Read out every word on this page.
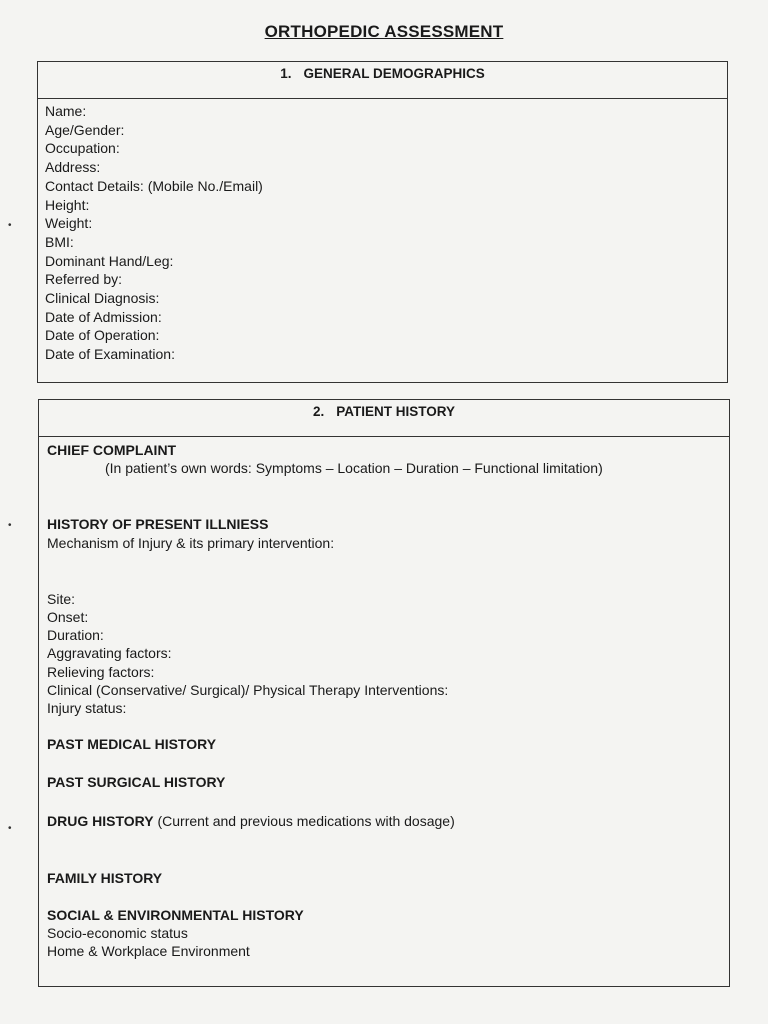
ORTHOPEDIC ASSESSMENT
•
•
•
1. GENERAL DEMOGRAPHICS
Name:
Age/Gender:
Occupation:
Address:
Contact Details: (Mobile No./Email)
Height:
Weight:
BMI:
Dominant Hand/Leg:
Referred by:
Clinical Diagnosis:
Date of Admission:
Date of Operation:
Date of Examination:
2. PATIENT HISTORY
CHIEF COMPLAINT
(In patient’s own words: Symptoms – Location – Duration – Functional limitation)
HISTORY OF PRESENT ILLNIESS
Mechanism of Injury & its primary intervention:
Site:
Onset:
Duration:
Aggravating factors:
Relieving factors:
Clinical (Conservative/ Surgical)/ Physical Therapy Interventions:
Injury status:
PAST MEDICAL HISTORY
PAST SURGICAL HISTORY
DRUG HISTORY (Current and previous medications with dosage)
FAMILY HISTORY
SOCIAL & ENVIRONMENTAL HISTORY
Socio-economic status
Home & Workplace Environment
